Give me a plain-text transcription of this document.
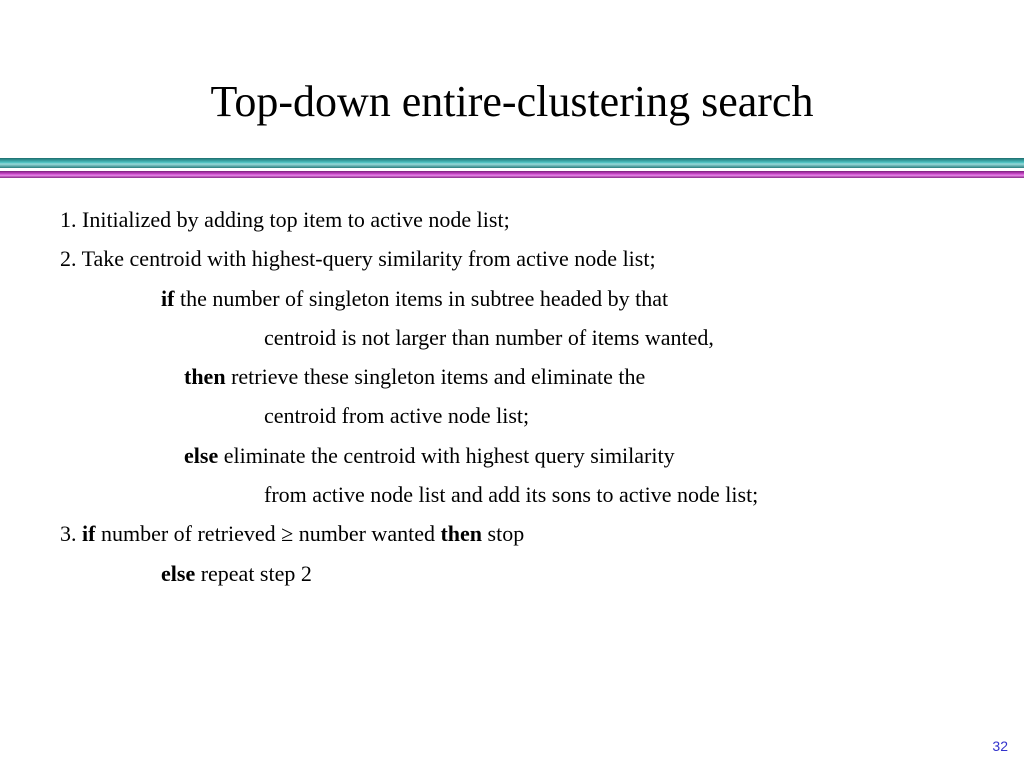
Top-down entire-clustering search
1. Initialized by adding top item to active node list;
2. Take centroid with highest-query similarity from active node list;
if the number of singleton items in subtree headed by that
centroid is not larger than number of items wanted,
then retrieve these singleton items and eliminate the
centroid from active node list;
else eliminate the centroid with highest query similarity
from active node list and add its sons to active node list;
3. if number of retrieved ≥ number wanted then stop
else repeat step 2
32
